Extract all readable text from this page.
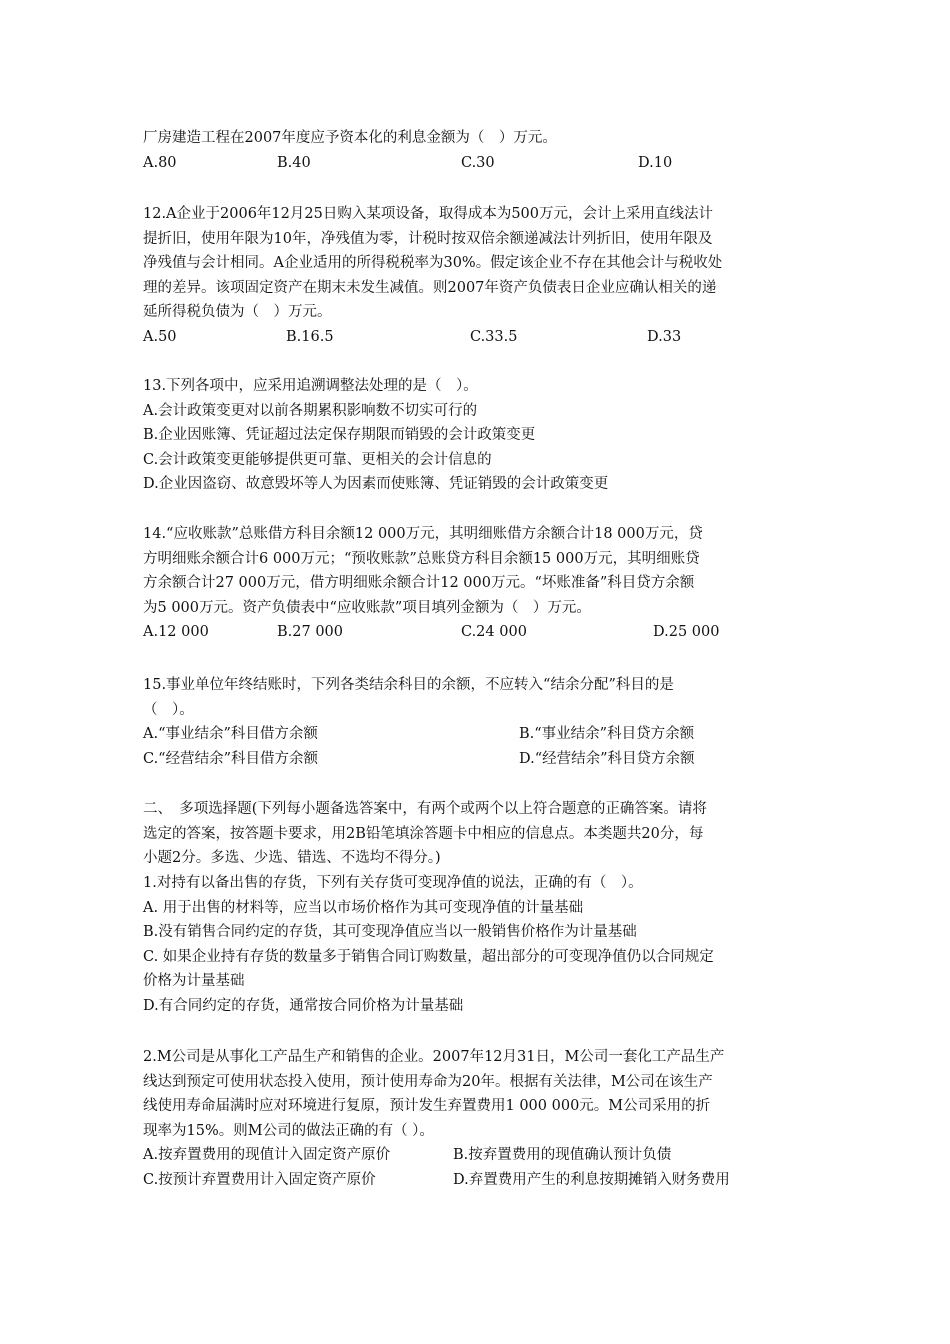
厂房建造工程在2007年度应予资本化的利息金额为（　）万元。
A.80	B.40	C.30	D.10
12.A企业于2006年12月25日购入某项设备，取得成本为500万元，会计上采用直线法计
提折旧，使用年限为10年，净残值为零，计税时按双倍余额递减法计列折旧，使用年限及
净残值与会计相同。A企业适用的所得税税率为30%。假定该企业不存在其他会计与税收处
理的差异。该项固定资产在期末未发生减值。则2007年资产负债表日企业应确认相关的递
延所得税负债为（　）万元。
A.50	B.16.5	C.33.5	D.33
13.下列各项中，应采用追溯调整法处理的是（　）。
A.会计政策变更对以前各期累积影响数不切实可行的
B.企业因账簿、凭证超过法定保存期限而销毁的会计政策变更
C.会计政策变更能够提供更可靠、更相关的会计信息的
D.企业因盗窃、故意毁坏等人为因素而使账簿、凭证销毁的会计政策变更
14.“应收账款”总账借方科目余额12 000万元，其明细账借方余额合计18 000万元，贷
方明细账余额合计6 000万元；“预收账款”总账贷方科目余额15 000万元，其明细账贷
方余额合计27 000万元，借方明细账余额合计12 000万元。“坏账准备”科目贷方余额
为5 000万元。资产负债表中“应收账款”项目填列金额为（　）万元。
A.12 000	B.27 000	C.24 000	D.25 000
15.事业单位年终结账时，下列各类结余科目的余额，不应转入“结余分配”科目的是
（　）。
A.“事业结余”科目借方余额	B.“事业结余”科目贷方余额
C.“经营结余”科目借方余额	D.“经营结余”科目贷方余额
二、　多项选择题(下列每小题备选答案中，有两个或两个以上符合题意的正确答案。请将
选定的答案，按答题卡要求，用2B铅笔填涂答题卡中相应的信息点。本类题共20分，每
小题2分。多选、少选、错选、不选均不得分。)
1.对持有以备出售的存货，下列有关存货可变现净值的说法，正确的有（　）。
A. 用于出售的材料等，应当以市场价格作为其可变现净值的计量基础
B.没有销售合同约定的存货，其可变现净值应当以一般销售价格作为计量基础
C. 如果企业持有存货的数量多于销售合同订购数量，超出部分的可变现净值仍以合同规定
价格为计量基础
D.有合同约定的存货，通常按合同价格为计量基础
2.M公司是从事化工产品生产和销售的企业。2007年12月31日，M公司一套化工产品生产
线达到预定可使用状态投入使用，预计使用寿命为20年。根据有关法律，M公司在该生产
线使用寿命届满时应对环境进行复原，预计发生弃置费用1 000 000元。M公司采用的折
现率为15%。则M公司的做法正确的有（ ）。
A.按弃置费用的现值计入固定资产原价	B.按弃置费用的现值确认预计负债
C.按预计弃置费用计入固定资产原价	D.弃置费用产生的利息按期摊销入财务费用
